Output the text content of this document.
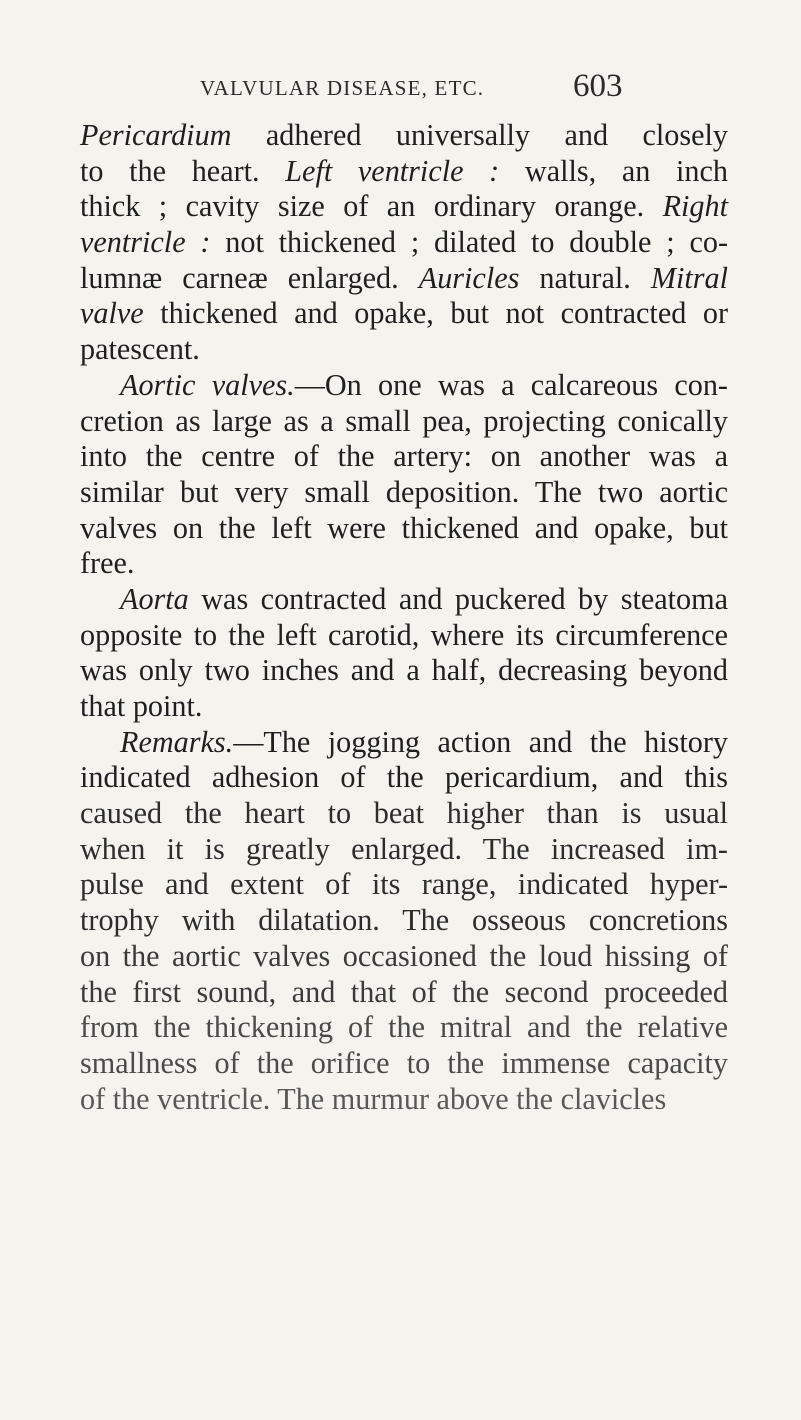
VALVULAR DISEASE, ETC.	603
Pericardium adhered universally and closely
to the heart. Left ventricle : walls, an inch
thick ; cavity size of an ordinary orange. Right
ventricle : not thickened ; dilated to double ; co-
lumnæ carneæ enlarged. Auricles natural. Mitral
valve thickened and opake, but not contracted or
patescent.
Aortic valves.—On one was a calcareous con-
cretion as large as a small pea, projecting conically
into the centre of the artery: on another was a
similar but very small deposition. The two aortic
valves on the left were thickened and opake, but
free.
Aorta was contracted and puckered by steatoma
opposite to the left carotid, where its circumference
was only two inches and a half, decreasing beyond
that point.
Remarks.—The jogging action and the history
indicated adhesion of the pericardium, and this
caused the heart to beat higher than is usual
when it is greatly enlarged. The increased im-
pulse and extent of its range, indicated hyper-
trophy with dilatation. The osseous concretions
on the aortic valves occasioned the loud hissing of
the first sound, and that of the second proceeded
from the thickening of the mitral and the relative
smallness of the orifice to the immense capacity
of the ventricle. The murmur above the clavicles
